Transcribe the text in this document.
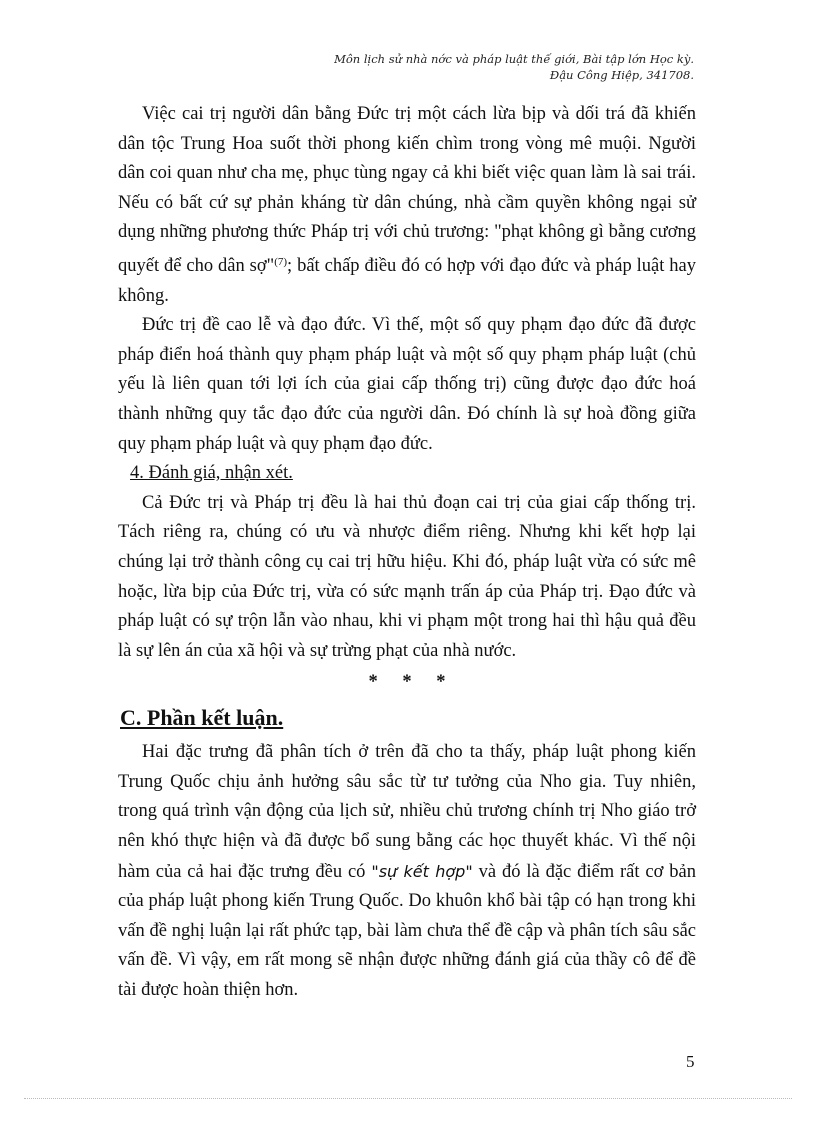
Môn lịch sử nhà nớc và pháp luật thế giới, Bài tập lớn Học kỳ.
Đậu Công Hiệp, 341708.

Việc cai trị người dân bằng Đức trị một cách lừa bịp và dối trá đã khiến dân tộc Trung Hoa suốt thời phong kiến chìm trong vòng mê muội. Người dân coi quan như cha mẹ, phục tùng ngay cả khi biết việc quan làm là sai trái. Nếu có bất cứ sự phản kháng từ dân chúng, nhà cầm quyền không ngại sử dụng những phương thức Pháp trị với chủ trương: "phạt không gì bằng cương quyết để cho dân sợ"$^{(7)}$; bất chấp điều đó có hợp với đạo đức và pháp luật hay không.

Đức trị đề cao lễ và đạo đức. Vì thế, một số quy phạm đạo đức đã được pháp điển hoá thành quy phạm pháp luật và một số quy phạm pháp luật (chủ yếu là liên quan tới lợi ích của giai cấp thống trị) cũng được đạo đức hoá thành những quy tắc đạo đức của người dân. Đó chính là sự hoà đồng giữa quy phạm pháp luật và quy phạm đạo đức.

4. Đánh giá, nhận xét.

Cả Đức trị và Pháp trị đều là hai thủ đoạn cai trị của giai cấp thống trị. Tách riêng ra, chúng có ưu và nhược điểm riêng. Nhưng khi kết hợp lại chúng lại trở thành công cụ cai trị hữu hiệu. Khi đó, pháp luật vừa có sức mê hoặc, lừa bịp của Đức trị, vừa có sức mạnh trấn áp của Pháp trị. Đạo đức và pháp luật có sự trộn lẫn vào nhau, khi vi phạm một trong hai thì hậu quả đều là sự lên án của xã hội và sự trừng phạt của nhà nước.

* * *
C. Phần kết luận.

Hai đặc trưng đã phân tích ở trên đã cho ta thấy, pháp luật phong kiến Trung Quốc chịu ảnh hưởng sâu sắc từ tư tưởng của Nho gia. Tuy nhiên, trong quá trình vận động của lịch sử, nhiều chủ trương chính trị Nho giáo trở nên khó thực hiện và đã được bổ sung bằng các học thuyết khác. Vì thế nội hàm của cả hai đặc trưng đều có "sự kết hợp" và đó là đặc điểm rất cơ bản của pháp luật phong kiến Trung Quốc. Do khuôn khổ bài tập có hạn trong khi vấn đề nghị luận lại rất phức tạp, bài làm chưa thể đề cập và phân tích sâu sắc vấn đề. Vì vậy, em rất mong sẽ nhận được những đánh giá của thầy cô để đề tài được hoàn thiện hơn.

5
